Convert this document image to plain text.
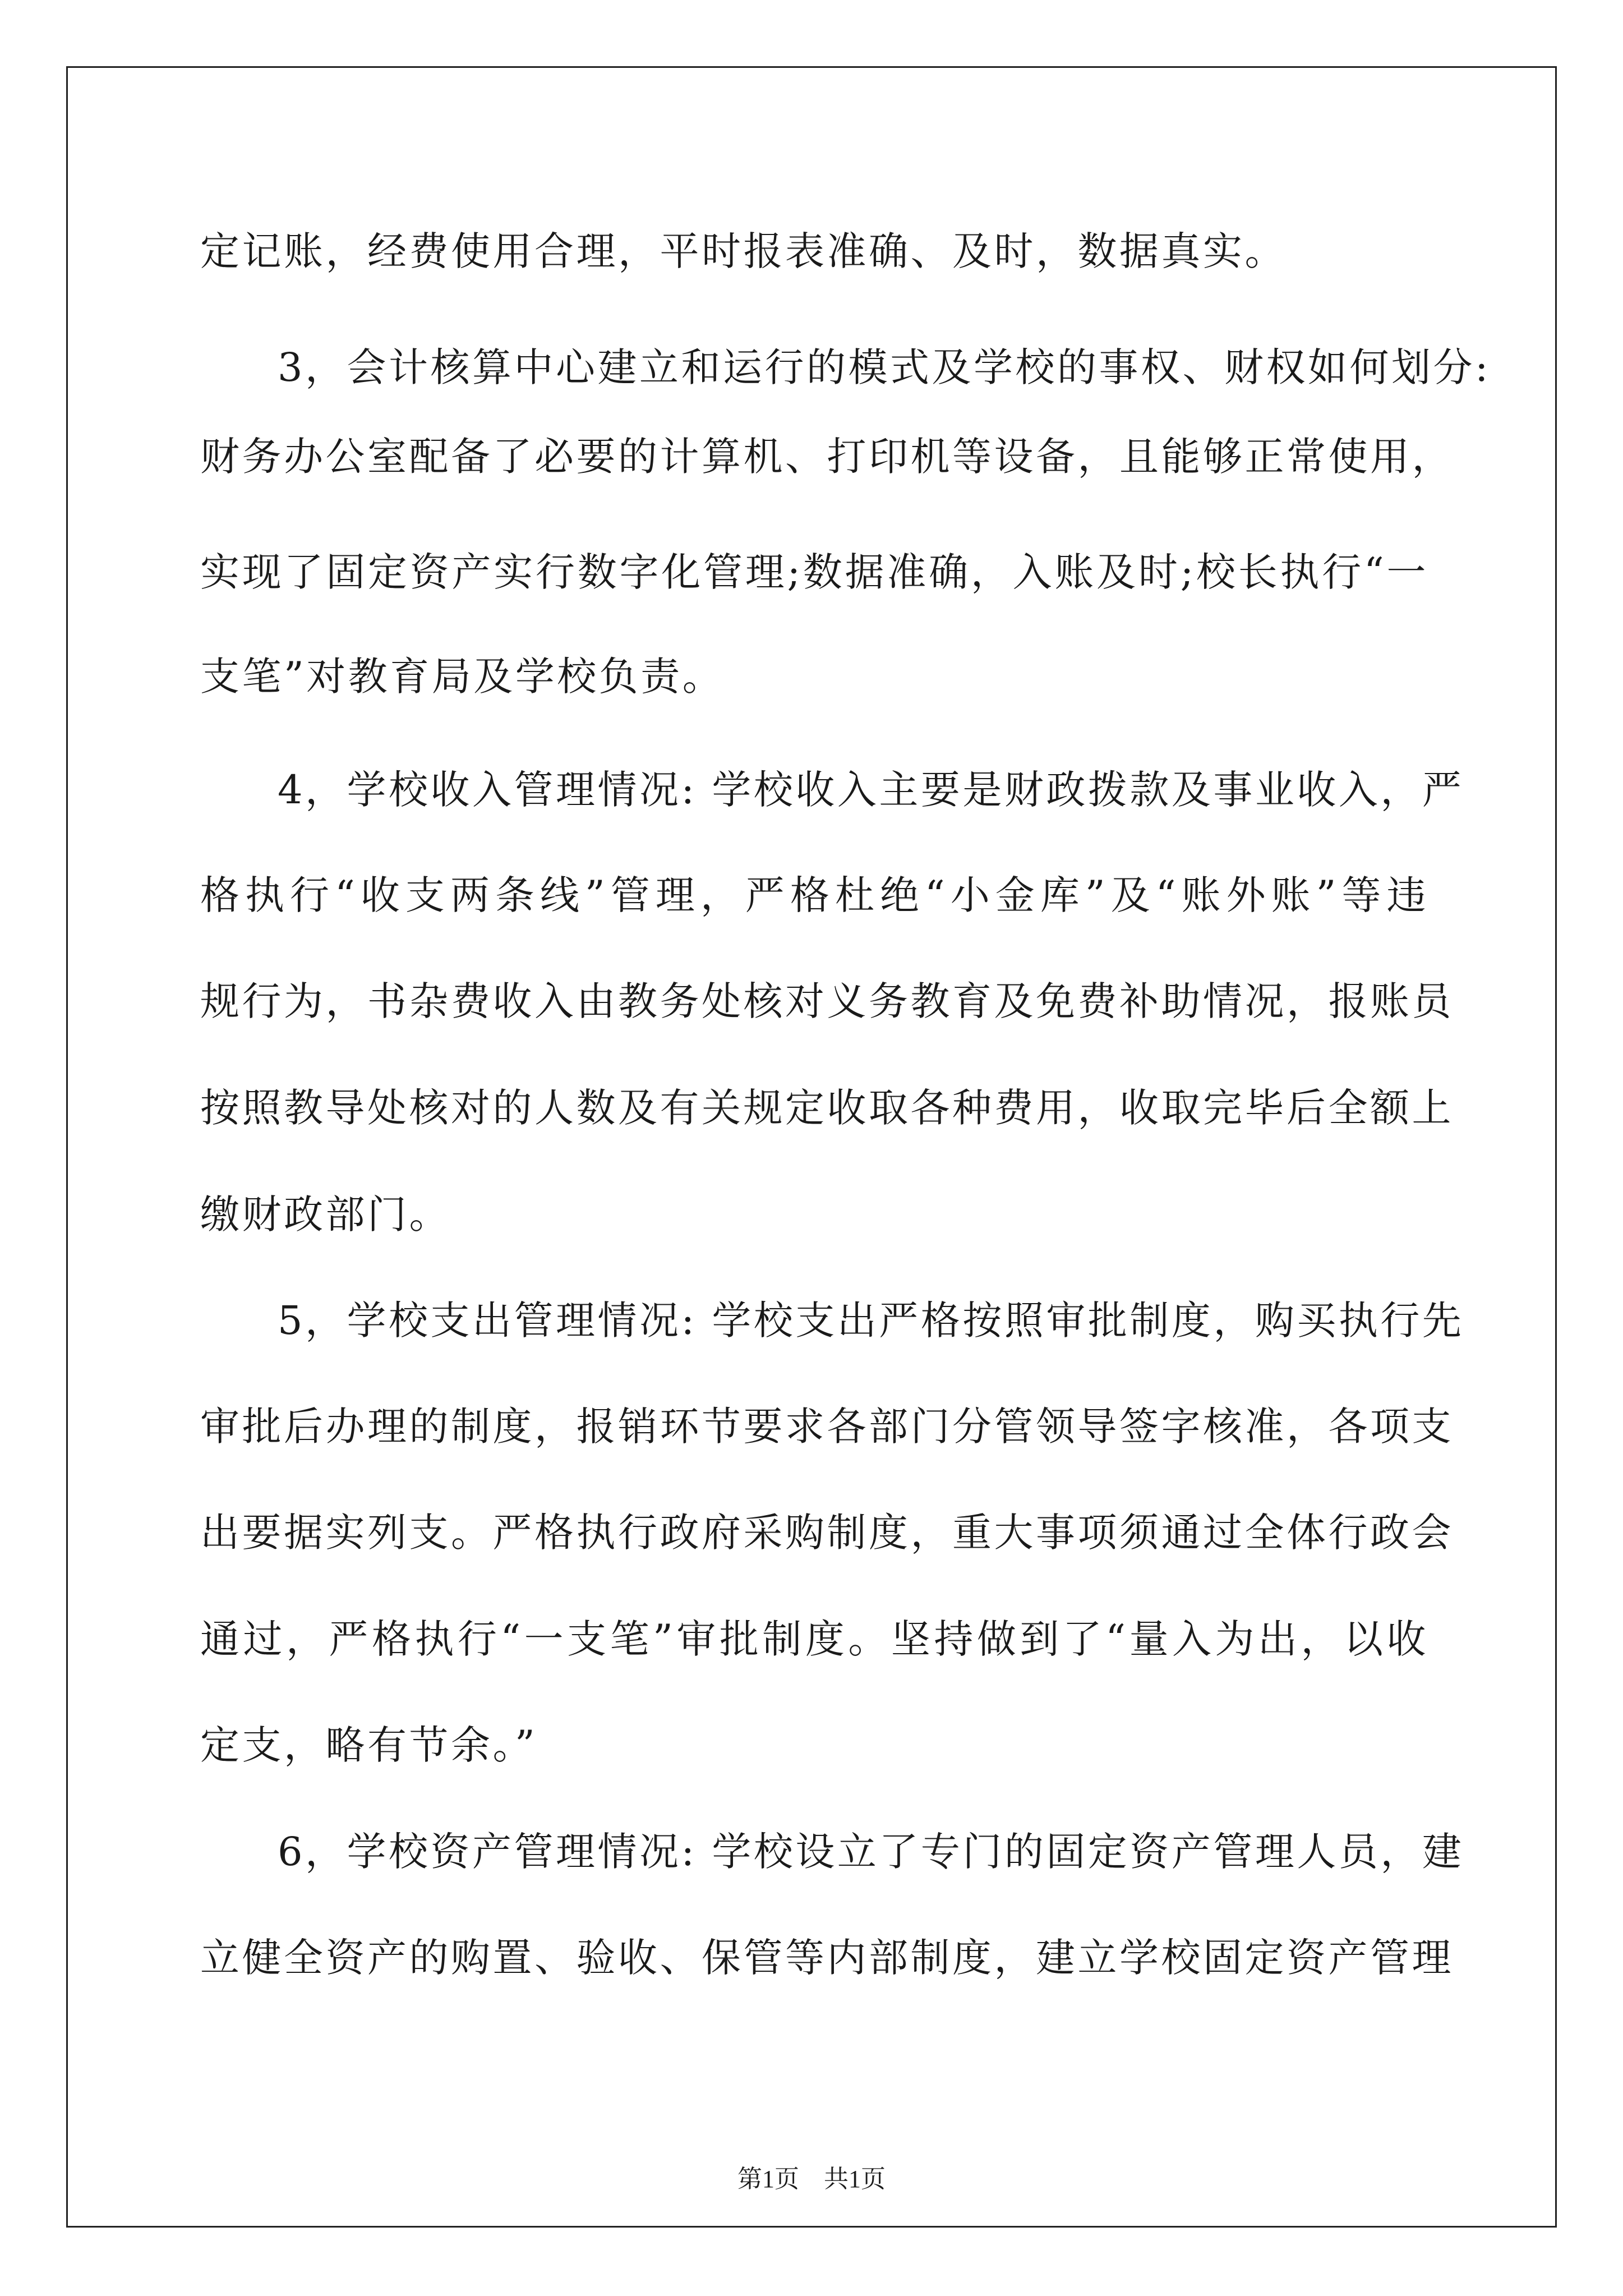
定记账，经费使用合理，平时报表准确、及时，数据真实。

3，会计核算中心建立和运行的模式及学校的事权、财权如何划分:

财务办公室配备了必要的计算机、打印机等设备，且能够正常使用，

实现了固定资产实行数字化管理;数据准确，入账及时;校长执行“一

支笔”对教育局及学校负责。

4，学校收入管理情况: 学校收入主要是财政拨款及事业收入，严

格执行“收支两条线”管理，严格杜绝“小金库”及“账外账”等违

规行为，书杂费收入由教务处核对义务教育及免费补助情况，报账员

按照教导处核对的人数及有关规定收取各种费用，收取完毕后全额上

缴财政部门。

5，学校支出管理情况: 学校支出严格按照审批制度，购买执行先

审批后办理的制度，报销环节要求各部门分管领导签字核准，各项支

出要据实列支。严格执行政府采购制度，重大事项须通过全体行政会

通过，严格执行“一支笔”审批制度。坚持做到了“量入为出，以收

定支，略有节余。”

6，学校资产管理情况: 学校设立了专门的固定资产管理人员，建

立健全资产的购置、验收、保管等内部制度，建立学校固定资产管理

第1页　共1页
